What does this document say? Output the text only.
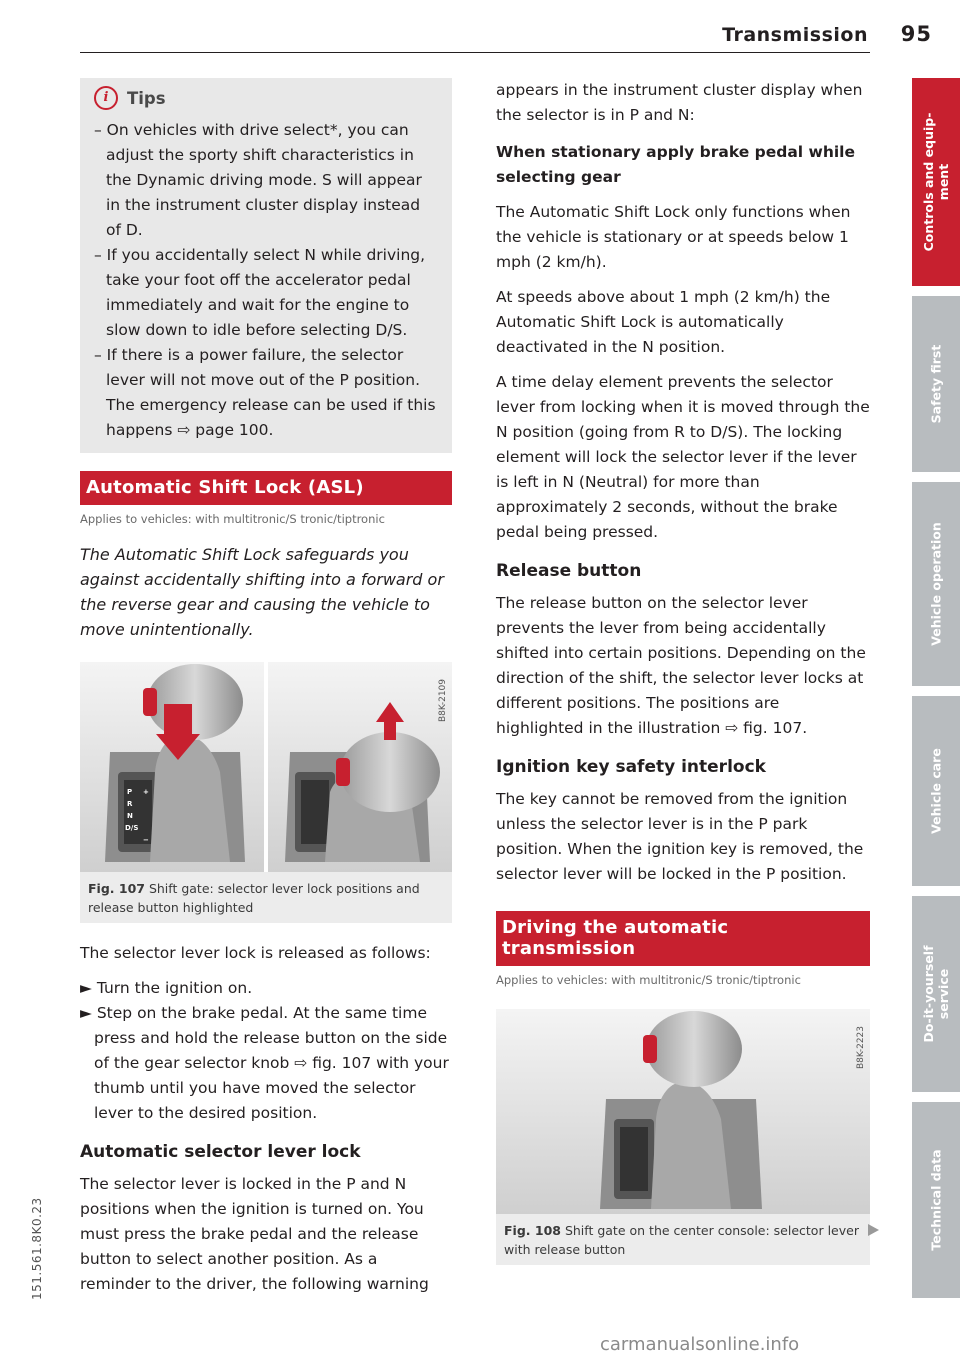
Transmission 95
i	Tips
– On vehicles with drive select*, you can adjust the sporty shift characteristics in the Dynamic driving mode. S will appear in the instrument cluster display instead of D.
– If you accidentally select N while driving, take your foot off the accelerator pedal immediately and wait for the engine to slow down to idle before selecting D/S.
– If there is a power failure, the selector lever will not move out of the P position. The emergency release can be used if this happens ⇨ page 100.
Automatic Shift Lock (ASL)
Applies to vehicles: with multitronic/S tronic/tiptronic

The Automatic Shift Lock safeguards you against accidentally shifting into a forward or the reverse gear and causing the vehicle to move unintentionally.

P
R
N
D/S
+
−
B8K-2109
Fig. 107 Shift gate: selector lever lock positions and release button highlighted

The selector lever lock is released as follows:

► Turn the ignition on.

► Step on the brake pedal. At the same time press and hold the release button on the side of the gear selector knob ⇨ fig. 107 with your thumb until you have moved the selector lever to the desired position.

Automatic selector lever lock

The selector lever is locked in the P and N positions when the ignition is turned on. You must press the brake pedal and the release button to select another position. As a reminder to the driver, the following warning

appears in the instrument cluster display when the selector is in P and N:

When stationary apply brake pedal while selecting gear

The Automatic Shift Lock only functions when the vehicle is stationary or at speeds below 1 mph (2 km/h).

At speeds above about 1 mph (2 km/h) the Automatic Shift Lock is automatically deactivated in the N position.

A time delay element prevents the selector lever from locking when it is moved through the N position (going from R to D/S). The locking element will lock the selector lever if the lever is left in N (Neutral) for more than approximately 2 seconds, without the brake pedal being pressed.

Release button

The release button on the selector lever prevents the lever from being accidentally shifted into certain positions. Depending on the direction of the shift, the selector lever locks at different positions. The positions are highlighted in the illustration ⇨ fig. 107.

Ignition key safety interlock

The key cannot be removed from the ignition unless the selector lever is in the P park position. When the ignition key is removed, the selector lever will be locked in the P position.

Driving the automatic transmission
Applies to vehicles: with multitronic/S tronic/tiptronic
B8K-2223
Fig. 108 Shift gate on the center console: selector lever with release button
Controls and equip-
ment
Safety first
Vehicle operation
Vehicle care
Do-it-yourself
service
Technical data
151.561.8K0.23
carmanualsonline.info
